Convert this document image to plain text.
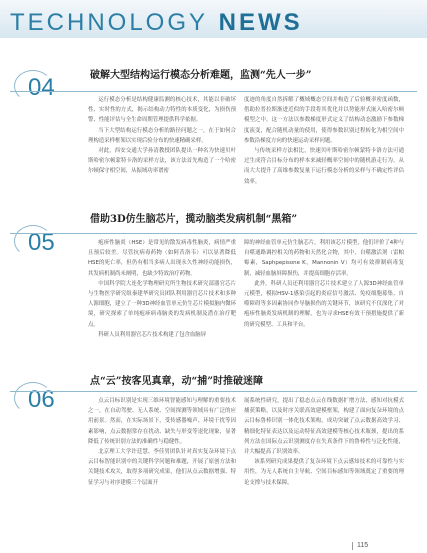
TECHNOLOGY NEWS
04	破解大型结构运行模态分析难题，监测“先人一步”

运行模态分析是结构健康监测的核心技术，其能以非破坏性、实时性的方式，揭示结构动力特性的本质变化，为损伤预警、性能评估与全生命周期管理提供科学依据。

当下大型结构运行模态分析的路径问题之一，在于如何合理构造采样框架以实现后验分布的快速精确采样。

对此，西安交通大学孙清教授团队提出一种名为快速贝叶斯哈密尔顿蒙特卡洛的采样方法，该方法首先构造了一个哈密尔顿保守相空间，从振域功率谱密

度迹的角度自然拆解了概域概态空间并构造了后验概率密度函数，借助拉普拉斯渐进近似的手段将其优化并以势能形式嵌入哈密尔顿模型之中。这一方法以参数梯度形式定义了结构动态激励下参数梯度演变，配合随机动量的使用，使得参数识别过程转化为相空间中参数沿梯度方向的快速运动采样问题。

与传统采样方法相比，快速贝叶斯哈密尔顿蒙特卡洛方法可通过生成符合目标分布的样本来减轻概率空间中的随机游走行为，从而大大提升了高维参数复量下运行模态分析的采样与不确定性评估效率。

05
借助3D仿生脑芯片，揽动脑类发病机制“黑箱”

疱疹性脑炎（HSE）是常见的散发病毒性脑炎，病情严重且预后较差。尽管抗病毒药物（如阿昔洛韦）可以显著降低HSE的死亡率，但仍有相当多病人出现永久性神经功能损伤，其发病机制尚未阐明，也缺少特效治疗药物。

中国科学院大连化学物理研究所生物技术研究部器官芯片与生物医学研究组秦建华研究员团队利用器官芯片技术和多种人源细胞，建立了一种3D神经血管单元仿生芯片模拟脑内微环境，研究探索了单纯疱疹病毒脑炎的发病机制及潜在治疗靶点。

科研人员利用器官芯片技术构建了包含血脑屏

障的神经血管单元仿生脑芯片，利用该芯片模型，他们评价了4种与自噬通路调控相关的药物和天然化合物，其中，自噬激活剂（雷帕霉素，Saphpepisone K，Mannonin V）均可有效抑制病毒复制，减轻血脑屏障损伤，并提高细胞存活率。

此外，科研人员还利用器官芯片技术建立了人源3D神经血管单元模型，模拟HSV-1感染引起的炎症信号激活、免疫细胞募集、自噬障碍等多因素协同作导脑损伤的关键环节，该研究不仅深化了对疱疹性脑炎发病机制的理解，也为寻求HSE有效干预措施提供了新的研究模型、工具和平台。

06
点“云”按客见真章，动“捕”时推破迷障

点云目标识别是实现三维环境智能感知与理解的重要技术之一，在自动驾驶、无人系统、空间探测等领域具有广泛的应用前景。然而，在实际场景下，受传感器噪声、环境干扰等因素影响，点云数据常存在扰动、缺失与形变等退化现象，显著降低了传统识别方法的准确性与稳健性。

北京理工大学许廷慧、李佳男团队针对真实复杂环境下点云目标智能识别中的关键科学问题和难题，开展了原创方法和关键技术攻关，取得多项研究成果，他们从点云数据增强、特征学习与对序建模三个层面开

展系统性研究，提出了稳态点云在线数据扩增方法，感知对抗模式捕获策略，以及时序关联高效建模框架，构建了面向复杂环境的点云目标鲁棒识别一体化技术架构，成功突破了点云数据高效学习、精细化特征表达以及运动特征高效建模等核心技术瓶颈，提出的系列方法在国际点云识别测度存在失真条件下的鲁棒性与泛化性能，并大幅提高了识别效率。

该系列研究成果提供了复杂环境下点云感知技术的可靠性与实用性，为无人系统自主导航、空间目标感知等领域奠定了重要的理论支撑与技术保障。

115
